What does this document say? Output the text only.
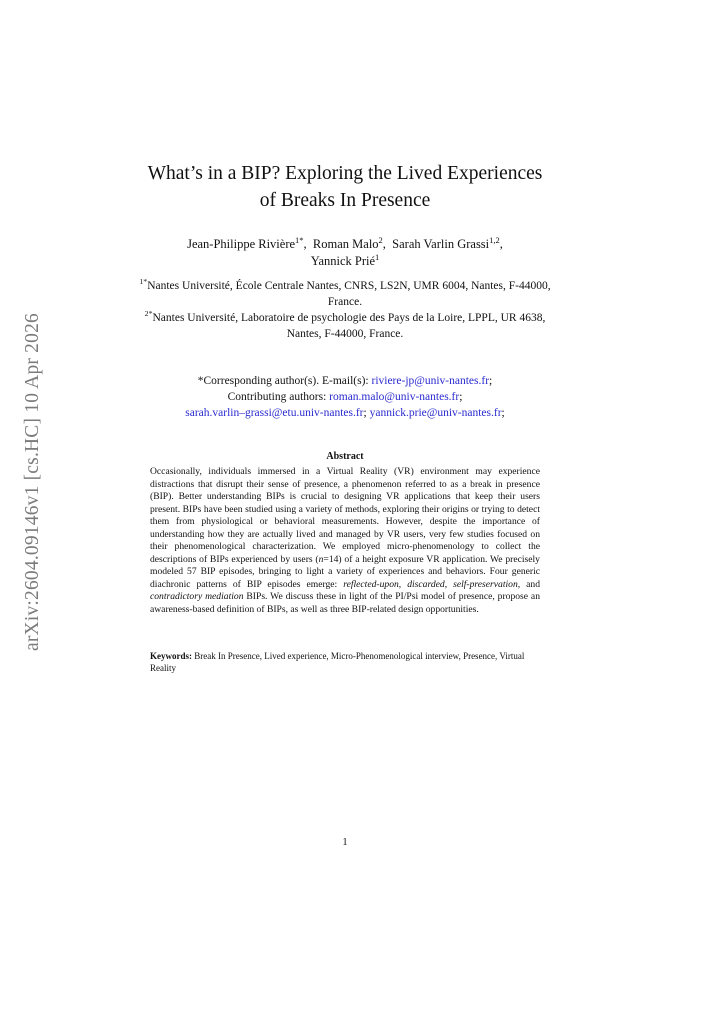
arXiv:2604.09146v1 [cs.HC] 10 Apr 2026
What’s in a BIP? Exploring the Lived Experiences of Breaks In Presence
Jean-Philippe Rivière$^{1*}$,  Roman Malo$^2$,  Sarah Varlin Grassi$^{1,2}$,
Yannick Prié$^1$

$^{1*}$Nantes Université, École Centrale Nantes, CNRS, LS2N, UMR 6004, Nantes, F-44000, France.

$^{2*}$Nantes Université, Laboratoire de psychologie des Pays de la Loire, LPPL, UR 4638, Nantes, F-44000, France.

*Corresponding author(s). E-mail(s): riviere-jp@univ-nantes.fr;

Contributing authors: roman.malo@univ-nantes.fr;

sarah.varlin–grassi@etu.univ-nantes.fr; yannick.prie@univ-nantes.fr;

Abstract

Occasionally, individuals immersed in a Virtual Reality (VR) environment may experience distractions that disrupt their sense of presence, a phenomenon referred to as a break in presence (BIP). Better understanding BIPs is crucial to designing VR applications that keep their users present. BIPs have been studied using a variety of methods, exploring their origins or trying to detect them from physiological or behavioral measurements. However, despite the importance of understanding how they are actually lived and managed by VR users, very few studies focused on their phenomenological characterization. We employed micro-phenomenology to collect the descriptions of BIPs experienced by users (n=14) of a height exposure VR application. We precisely modeled 57 BIP episodes, bringing to light a variety of experiences and behaviors. Four generic diachronic patterns of BIP episodes emerge: reflected-upon, discarded, self-preservation, and contradictory mediation BIPs. We discuss these in light of the PI/Psi model of presence, propose an awareness-based definition of BIPs, as well as three BIP-related design opportunities.

Keywords: Break In Presence, Lived experience, Micro-Phenomenological interview, Presence, Virtual Reality

1
